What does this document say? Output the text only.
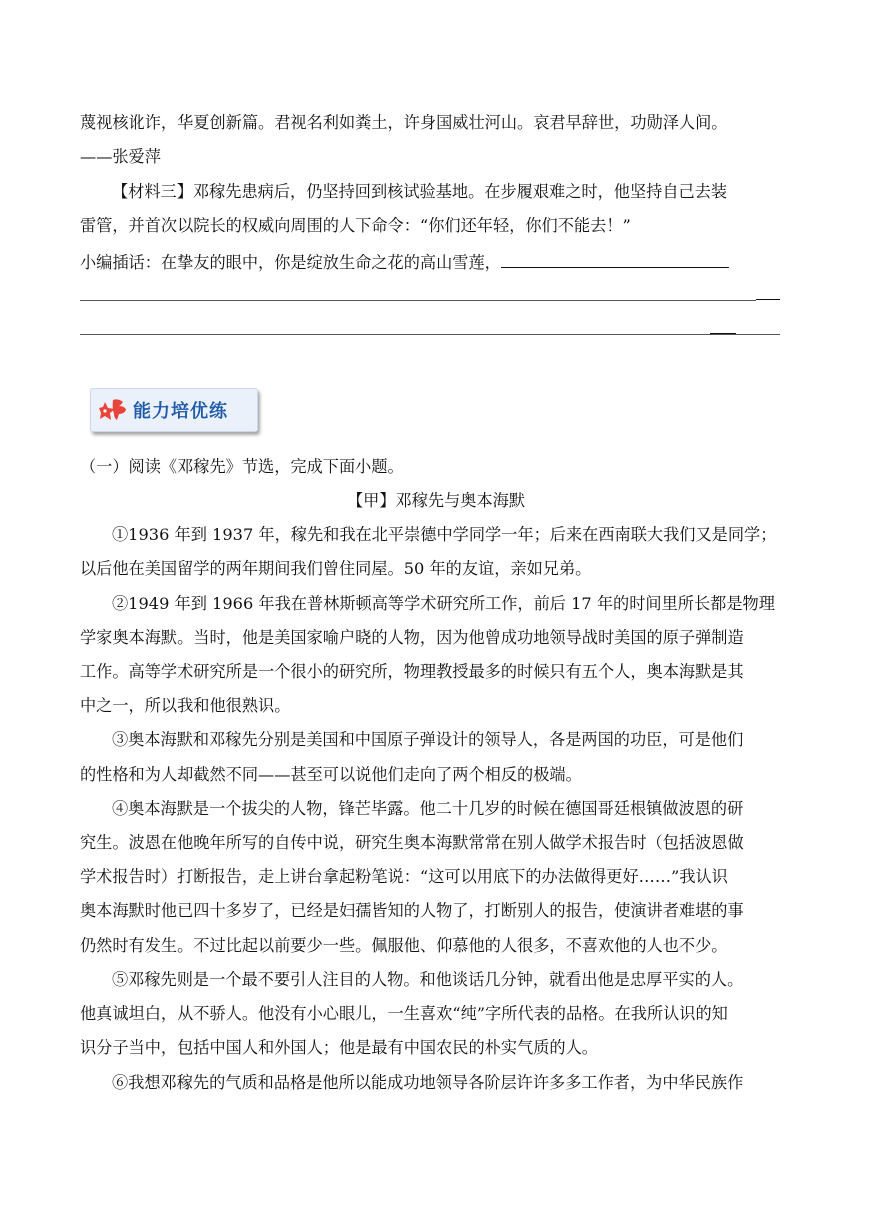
蔑视核讹诈，华夏创新篇。君视名利如粪土，许身国威壮河山。哀君早辞世，功勋泽人间。
——张爱萍
【材料三】邓稼先患病后，仍坚持回到核试验基地。在步履艰难之时，他坚持自己去装
雷管，并首次以院长的权威向周围的人下命令：“你们还年轻，你们不能去！”
小编插话：在挚友的眼中，你是绽放生命之花的高山雪莲，
能力培优练
（一）阅读《邓稼先》节选，完成下面小题。
【甲】邓稼先与奥本海默
①1936 年到 1937 年，稼先和我在北平崇德中学同学一年；后来在西南联大我们又是同学；
以后他在美国留学的两年期间我们曾住同屋。50 年的友谊，亲如兄弟。
②1949 年到 1966 年我在普林斯顿高等学术研究所工作，前后 17 年的时间里所长都是物理
学家奥本海默。当时，他是美国家喻户晓的人物，因为他曾成功地领导战时美国的原子弹制造
工作。高等学术研究所是一个很小的研究所，物理教授最多的时候只有五个人，奥本海默是其
中之一，所以我和他很熟识。
③奥本海默和邓稼先分别是美国和中国原子弹设计的领导人，各是两国的功臣，可是他们
的性格和为人却截然不同——甚至可以说他们走向了两个相反的极端。
④奥本海默是一个拔尖的人物，锋芒毕露。他二十几岁的时候在德国哥廷根镇做波恩的研
究生。波恩在他晚年所写的自传中说，研究生奥本海默常常在别人做学术报告时（包括波恩做
学术报告时）打断报告，走上讲台拿起粉笔说：“这可以用底下的办法做得更好……”我认识
奥本海默时他已四十多岁了，已经是妇孺皆知的人物了，打断别人的报告，使演讲者难堪的事
仍然时有发生。不过比起以前要少一些。佩服他、仰慕他的人很多，不喜欢他的人也不少。
⑤邓稼先则是一个最不要引人注目的人物。和他谈话几分钟，就看出他是忠厚平实的人。
他真诚坦白，从不骄人。他没有小心眼儿，一生喜欢“纯”字所代表的品格。在我所认识的知
识分子当中，包括中国人和外国人；他是最有中国农民的朴实气质的人。
⑥我想邓稼先的气质和品格是他所以能成功地领导各阶层许许多多工作者，为中华民族作
